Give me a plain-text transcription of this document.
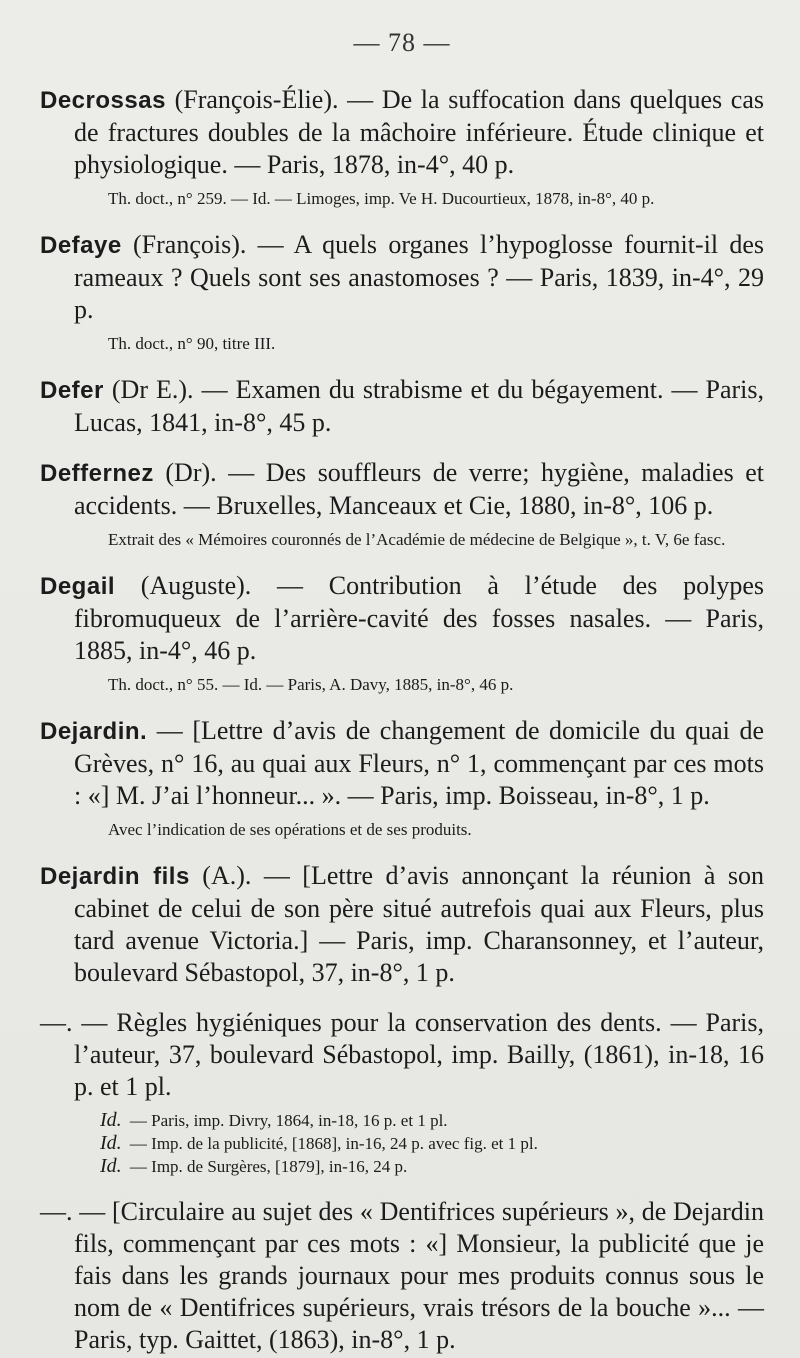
— 78 —

Decrossas (François-Élie). — De la suffocation dans quelques cas de fractures doubles de la mâchoire inférieure. Étude clinique et physiologique. — Paris, 1878, in-4°, 40 p.

Th. doct., n° 259. — Id. — Limoges, imp. Ve H. Ducourtieux, 1878, in-8°, 40 p.

Defaye (François). — A quels organes l’hypoglosse fournit-il des rameaux ? Quels sont ses anastomoses ? — Paris, 1839, in-4°, 29 p.

Th. doct., n° 90, titre III.

Defer (Dr E.). — Examen du strabisme et du bégayement. — Paris, Lucas, 1841, in-8°, 45 p.

Deffernez (Dr). — Des souffleurs de verre; hygiène, maladies et accidents. — Bruxelles, Manceaux et Cie, 1880, in-8°, 106 p.

Extrait des « Mémoires couronnés de l’Académie de médecine de Belgique », t. V, 6e fasc.

Degail (Auguste). — Contribution à l’étude des polypes fibromuqueux de l’arrière-cavité des fosses nasales. — Paris, 1885, in-4°, 46 p.

Th. doct., n° 55. — Id. — Paris, A. Davy, 1885, in-8°, 46 p.

Dejardin. — [Lettre d’avis de changement de domicile du quai de Grèves, n° 16, au quai aux Fleurs, n° 1, commençant par ces mots : «] M. J’ai l’honneur... ». — Paris, imp. Boisseau, in-8°, 1 p.

Avec l’indication de ses opérations et de ses produits.

Dejardin fils (A.). — [Lettre d’avis annonçant la réunion à son cabinet de celui de son père situé autrefois quai aux Fleurs, plus tard avenue Victoria.] — Paris, imp. Charansonney, et l’auteur, boulevard Sébastopol, 37, in-8°, 1 p.

—. — Règles hygiéniques pour la conservation des dents. — Paris, l’auteur, 37, boulevard Sébastopol, imp. Bailly, (1861), in-18, 16 p. et 1 pl.

Id. — Paris, imp. Divry, 1864, in-18, 16 p. et 1 pl.

Id. — Imp. de la publicité, [1868], in-16, 24 p. avec fig. et 1 pl.

Id. — Imp. de Surgères, [1879], in-16, 24 p.

—. — [Circulaire au sujet des « Dentifrices supérieurs », de Dejardin fils, commençant par ces mots : «] Monsieur, la publicité que je fais dans les grands journaux pour mes produits connus sous le nom de « Dentifrices supérieurs, vrais trésors de la bouche »... — Paris, typ. Gaittet, (1863), in-8°, 1 p.
